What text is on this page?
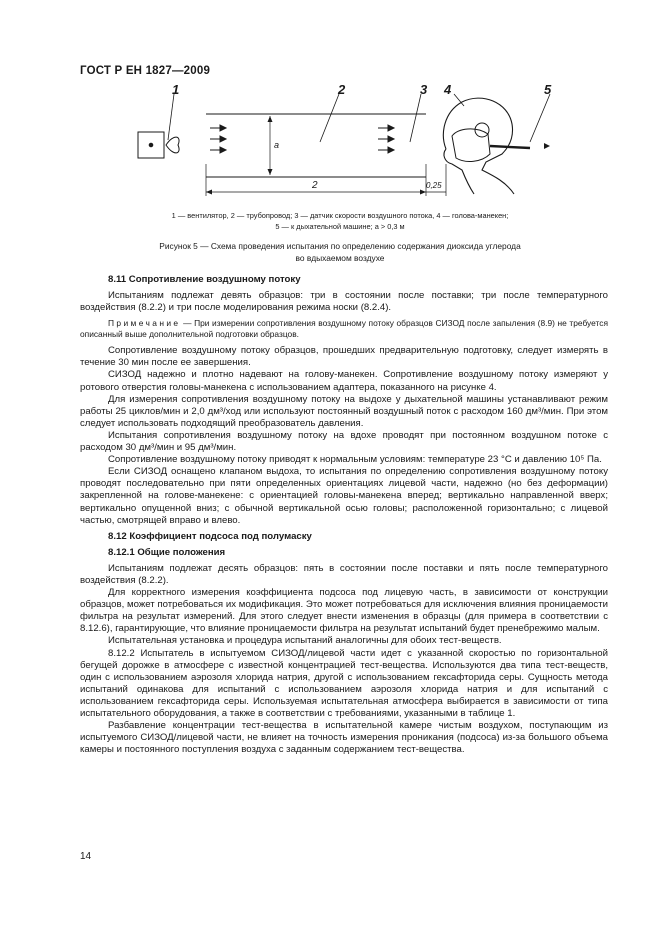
ГОСТ Р ЕН 1827—2009
1	2	3 4	5
а
2	0,25
1 — вентилятор, 2 — трубопровод; 3 — датчик скорости воздушного потока, 4 — голова-манекен;
5 — к дыхательной машине; а > 0,3 м
Рисунок 5 — Схема проведения испытания по определению содержания диоксида углерода
во вдыхаемом воздухе

8.11 Сопротивление воздушному потоку

Испытаниям подлежат девять образцов: три в состоянии после поставки; три после температурного воздействия (8.2.2) и три после моделирования режима носки (8.2.4).

Примечание — При измерении сопротивления воздушному потоку образцов СИЗОД после запыления (8.9) не требуется описанный выше дополнительной подготовки образцов.

Сопротивление воздушному потоку образцов, прошедших предварительную подготовку, следует измерять в течение 30 мин после ее завершения.

СИЗОД надежно и плотно надевают на голову-манекен. Сопротивление воздушному потоку измеряют у ротового отверстия головы-манекена с использованием адаптера, показанного на рисунке 4.

Для измерения сопротивления воздушному потоку на выдохе у дыхательной машины устанавливают режим работы 25 циклов/мин и 2,0 дм³/ход или используют постоянный воздушный поток с расходом 160 дм³/мин. При этом следует использовать подходящий преобразователь давления.

Испытания сопротивления воздушному потоку на вдохе проводят при постоянном воздушном потоке с расходом 30 дм³/мин и 95 дм³/мин.

Сопротивление воздушному потоку приводят к нормальным условиям: температуре 23 °С и давлению 10⁵ Па.

Если СИЗОД оснащено клапаном выдоха, то испытания по определению сопротивления воздушному потоку проводят последовательно при пяти определенных ориентациях лицевой части, надежно (но без деформации) закрепленной на голове-манекене: с ориентацией головы-манекена вперед; вертикально направленной вверх; вертикально опущенной вниз; с обычной вертикальной осью головы; расположенной горизонтально; с лицевой частью, смотрящей вправо и влево.

8.12 Коэффициент подсоса под полумаску

8.12.1 Общие положения

Испытаниям подлежат десять образцов: пять в состоянии после поставки и пять после температурного воздействия (8.2.2).

Для корректного измерения коэффициента подсоса под лицевую часть, в зависимости от конструкции образцов, может потребоваться их модификация. Это может потребоваться для исключения влияния проницаемости фильтра на результат измерений. Для этого следует внести изменения в образцы (для примера в соответствии с 8.12.6), гарантирующие, что влияние проницаемости фильтра на результат испытаний будет пренебрежимо малым.

Испытательная установка и процедура испытаний аналогичны для обоих тест-веществ.

8.12.2 Испытатель в испытуемом СИЗОД/лицевой части идет с указанной скоростью по горизонтальной бегущей дорожке в атмосфере с известной концентрацией тест-вещества. Используются два типа тест-веществ, один с использованием аэрозоля хлорида натрия, другой с использованием гексафторида серы. Сущность метода испытаний одинакова для испытаний с использованием аэрозоля хлорида натрия и для испытаний с использованием гексафторида серы. Используемая испытательная атмосфера выбирается в зависимости от типа испытательного оборудования, а также в соответствии с требованиями, указанными в таблице 1.

Разбавление концентрации тест-вещества в испытательной камере чистым воздухом, поступающим из испытуемого СИЗОД/лицевой части, не влияет на точность измерения проникания (подсоса) из-за большого объема камеры и постоянного поступления воздуха с заданным содержанием тест-вещества.

14
